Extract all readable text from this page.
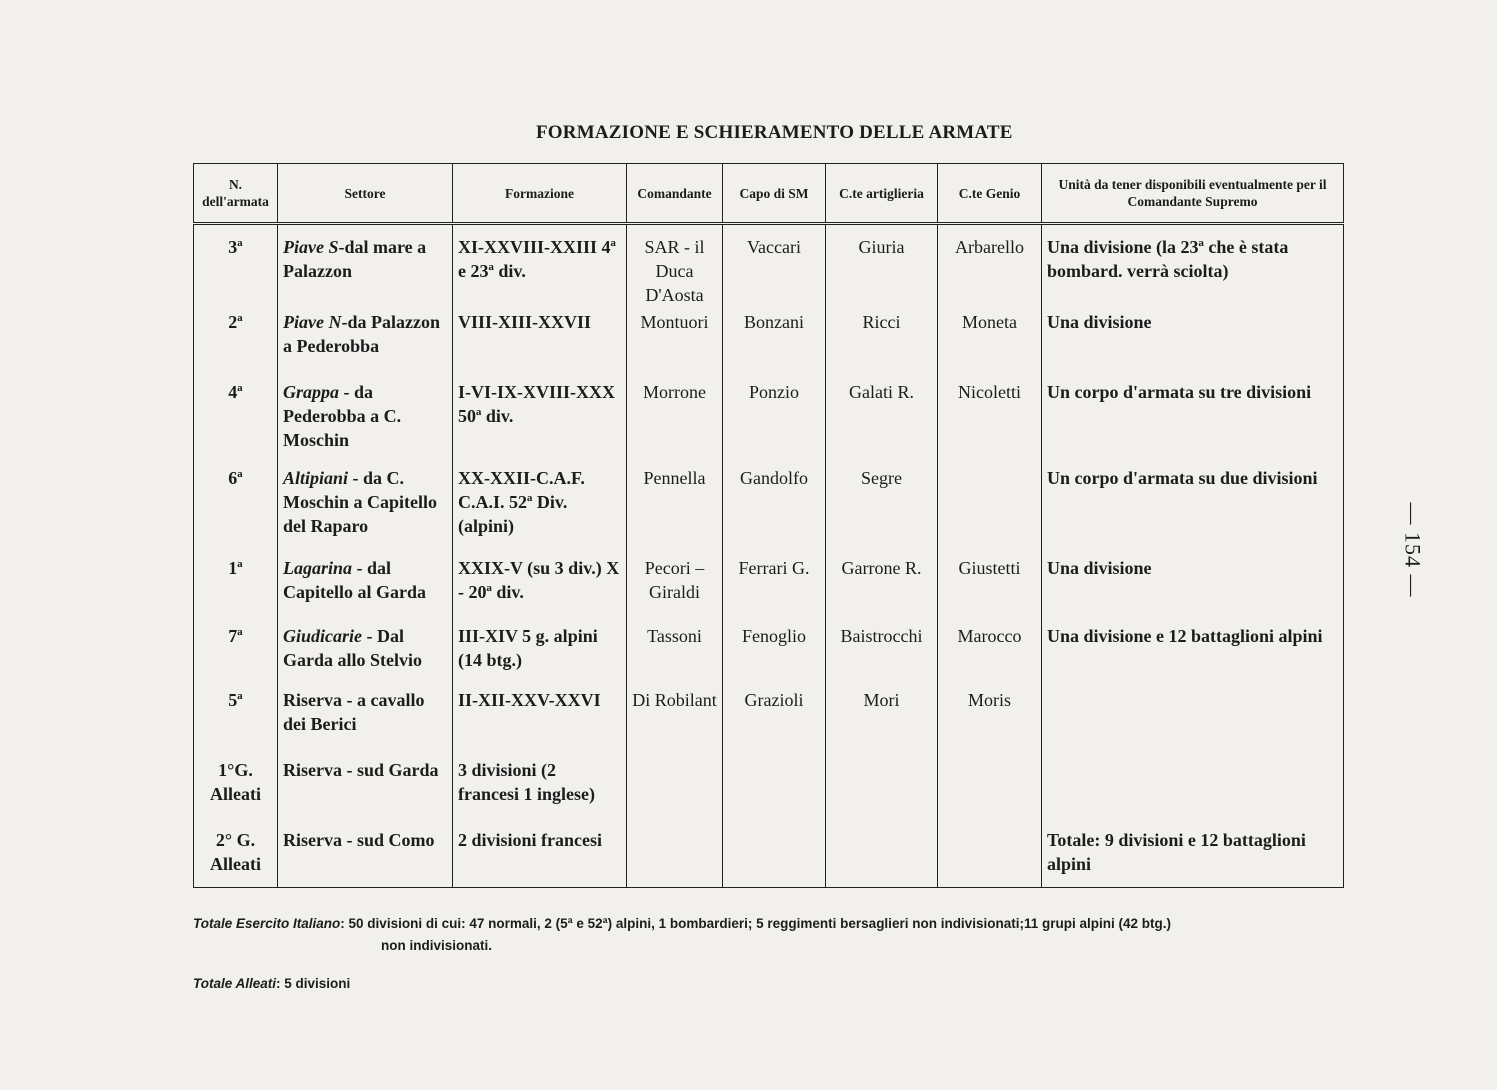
FORMAZIONE E SCHIERAMENTO DELLE ARMATE
N. dell'armata	Settore	Formazione	Comandante	Capo di SM	C.te artiglieria	C.te Genio	Unità da tener disponibili eventualmente per il Comandante Supremo
3ª	Piave S-dal mare a Palazzon	XI-XXVIII-XXIII 4ª e 23ª div.	SAR - il Duca D'Aosta	Vaccari	Giuria	Arbarello	Una divisione (la 23ª che è stata bombard. verrà sciolta)
2ª	Piave N-da Palazzon a Pederobba	VIII-XIII-XXVII	Montuori	Bonzani	Ricci	Moneta	Una divisione
4ª	Grappa - da Pederobba a C. Moschin	I-VI-IX-XVIII-XXX 50ª div.	Morrone	Ponzio	Galati R.	Nicoletti	Un corpo d'armata su tre divisioni
6ª	Altipiani - da C. Moschin a Capitello del Raparo	XX-XXII-C.A.F. C.A.I. 52ª Div. (alpini)	Pennella	Gandolfo	Segre		Un corpo d'armata su due divisioni
1ª	Lagarina - dal Capitello al Garda	XXIX-V (su 3 div.) X - 20ª div.	Pecori – Giraldi	Ferrari G.	Garrone R.	Giustetti	Una divisione
7ª	Giudicarie - Dal Garda allo Stelvio	III-XIV 5 g. alpini (14 btg.)	Tassoni	Fenoglio	Baistrocchi	Marocco	Una divisione e 12 battaglioni alpini
5ª	Riserva - a cavallo dei Berici	II-XII-XXV-XXVI	Di Robilant	Grazioli	Mori	Moris	
1°G. Alleati	Riserva - sud Garda	3 divisioni (2 francesi 1 inglese)					
2° G. Alleati	Riserva - sud Como	2 divisioni francesi					Totale: 9 divisioni e 12 battaglioni alpini
Totale Esercito Italiano: 50 divisioni di cui: 47 normali, 2 (5ª e 52ª) alpini, 1 bombardieri; 5 reggimenti bersaglieri non indivisionati;11 grupi alpini (42 btg.)
non indivisionati.
Totale Alleati: 5 divisioni
— 154 —
